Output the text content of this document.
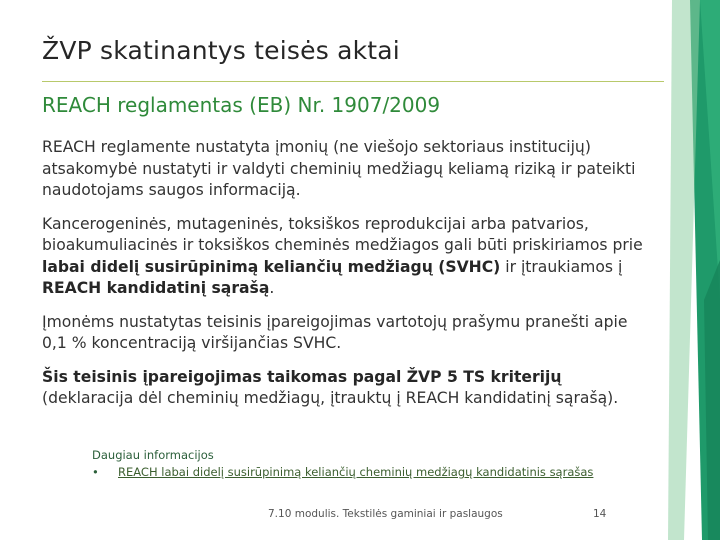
ŽVP skatinantys teisės aktai
REACH reglamentas (EB) Nr. 1907/2009

REACH reglamente nustatyta įmonių (ne viešojo sektoriaus institucijų) atsakomybė nustatyti ir valdyti cheminių medžiagų keliamą riziką ir pateikti naudotojams saugos informaciją.

Kancerogeninės, mutageninės, toksiškos reprodukcijai arba patvarios, bioakumuliacinės ir toksiškos cheminės medžiagos gali būti priskiriamos prie labai didelį susirūpinimą keliančių medžiagų (SVHC) ir įtraukiamos į REACH kandidatinį sąrašą.

Įmonėms nustatytas teisinis įpareigojimas vartotojų prašymu pranešti apie 0,1 % koncentraciją viršijančias SVHC.

Šis teisinis įpareigojimas taikomas pagal ŽVP 5 TS kriterijų (deklaracija dėl cheminių medžiagų, įtrauktų į REACH kandidatinį sąrašą).

Daugiau informacijos
• REACH labai didelį susirūpinimą keliančių cheminių medžiagų kandidatinis sąrašas
7.10 modulis. Tekstilės gaminiai ir paslaugos	14
